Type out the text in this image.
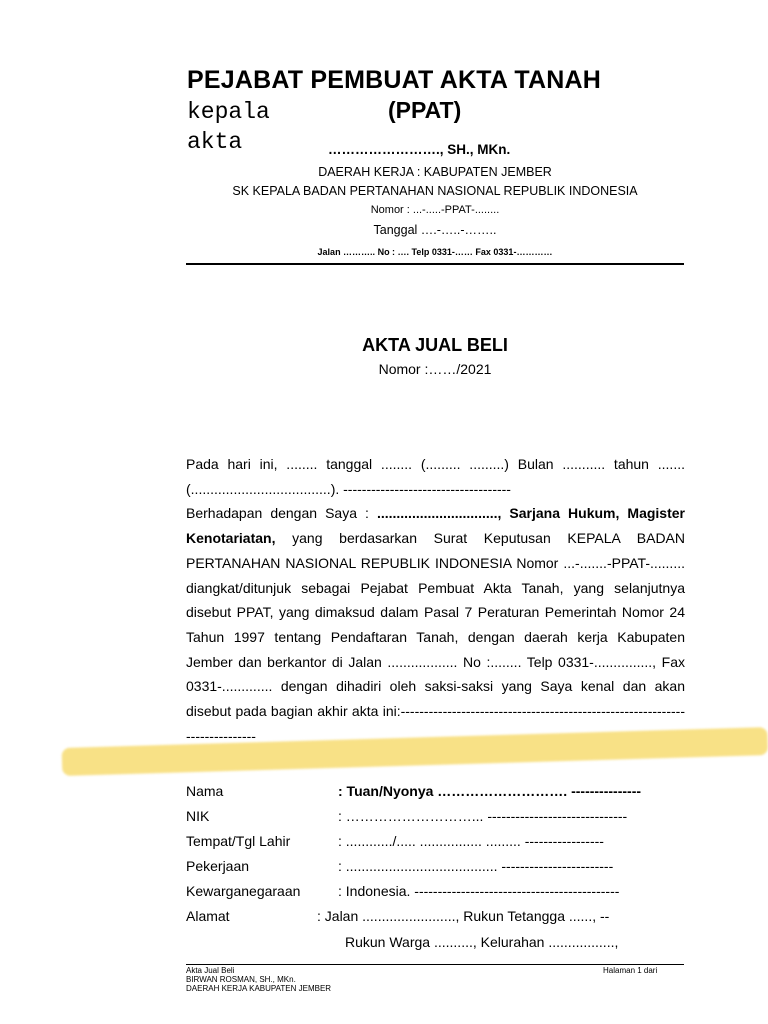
PEJABAT PEMBUAT AKTA TANAH
kepala
akta
(PPAT)
……………………., SH., MKn.
DAERAH KERJA : KABUPATEN JEMBER
SK KEPALA BADAN PERTANAHAN NASIONAL REPUBLIK INDONESIA
Nomor : ...-.....-PPAT-........
Tanggal ….-…..-……..
Jalan ……….. No : …. Telp 0331-…… Fax 0331-…………
AKTA JUAL BELI
Nomor :……/2021

Pada hari ini, ........ tanggal ........ (......... .........) Bulan ........... tahun ....... (....................................). ------------------------------------

Berhadapan dengan Saya : ..............................., Sarjana Hukum, Magister Kenotariatan, yang berdasarkan Surat Keputusan KEPALA BADAN PERTANAHAN NASIONAL REPUBLIK INDONESIA Nomor ...-.......-PPAT-......... diangkat/ditunjuk sebagai Pejabat Pembuat Akta Tanah, yang selanjutnya disebut PPAT, yang dimaksud dalam Pasal 7 Peraturan Pemerintah Nomor 24 Tahun 1997 tentang Pendaftaran Tanah, dengan daerah kerja Kabupaten Jember dan berkantor di Jalan .................. No :........ Telp 0331-..............., Fax 0331-............. dengan dihadiri oleh saksi-saksi yang Saya kenal dan akan disebut pada bagian akhir akta ini:----------------------------------------------------------------------------

Nama	: Tuan/Nyonya ………………………. ---------------
NIK	: ………………………... ------------------------------
Tempat/Tgl Lahir	: ............/..... ................ ......... -----------------
Pekerjaan	: ....................................... ------------------------
Kewarganegaraan	: Indonesia. --------------------------------------------
Alamat	: Jalan ........................, Rukun Tetangga ......, --
Rukun Warga .........., Kelurahan .................,
Akta Jual Beli
BIRWAN ROSMAN, SH., MKn.
DAERAH KERJA KABUPATEN JEMBER
Halaman 1 dari
